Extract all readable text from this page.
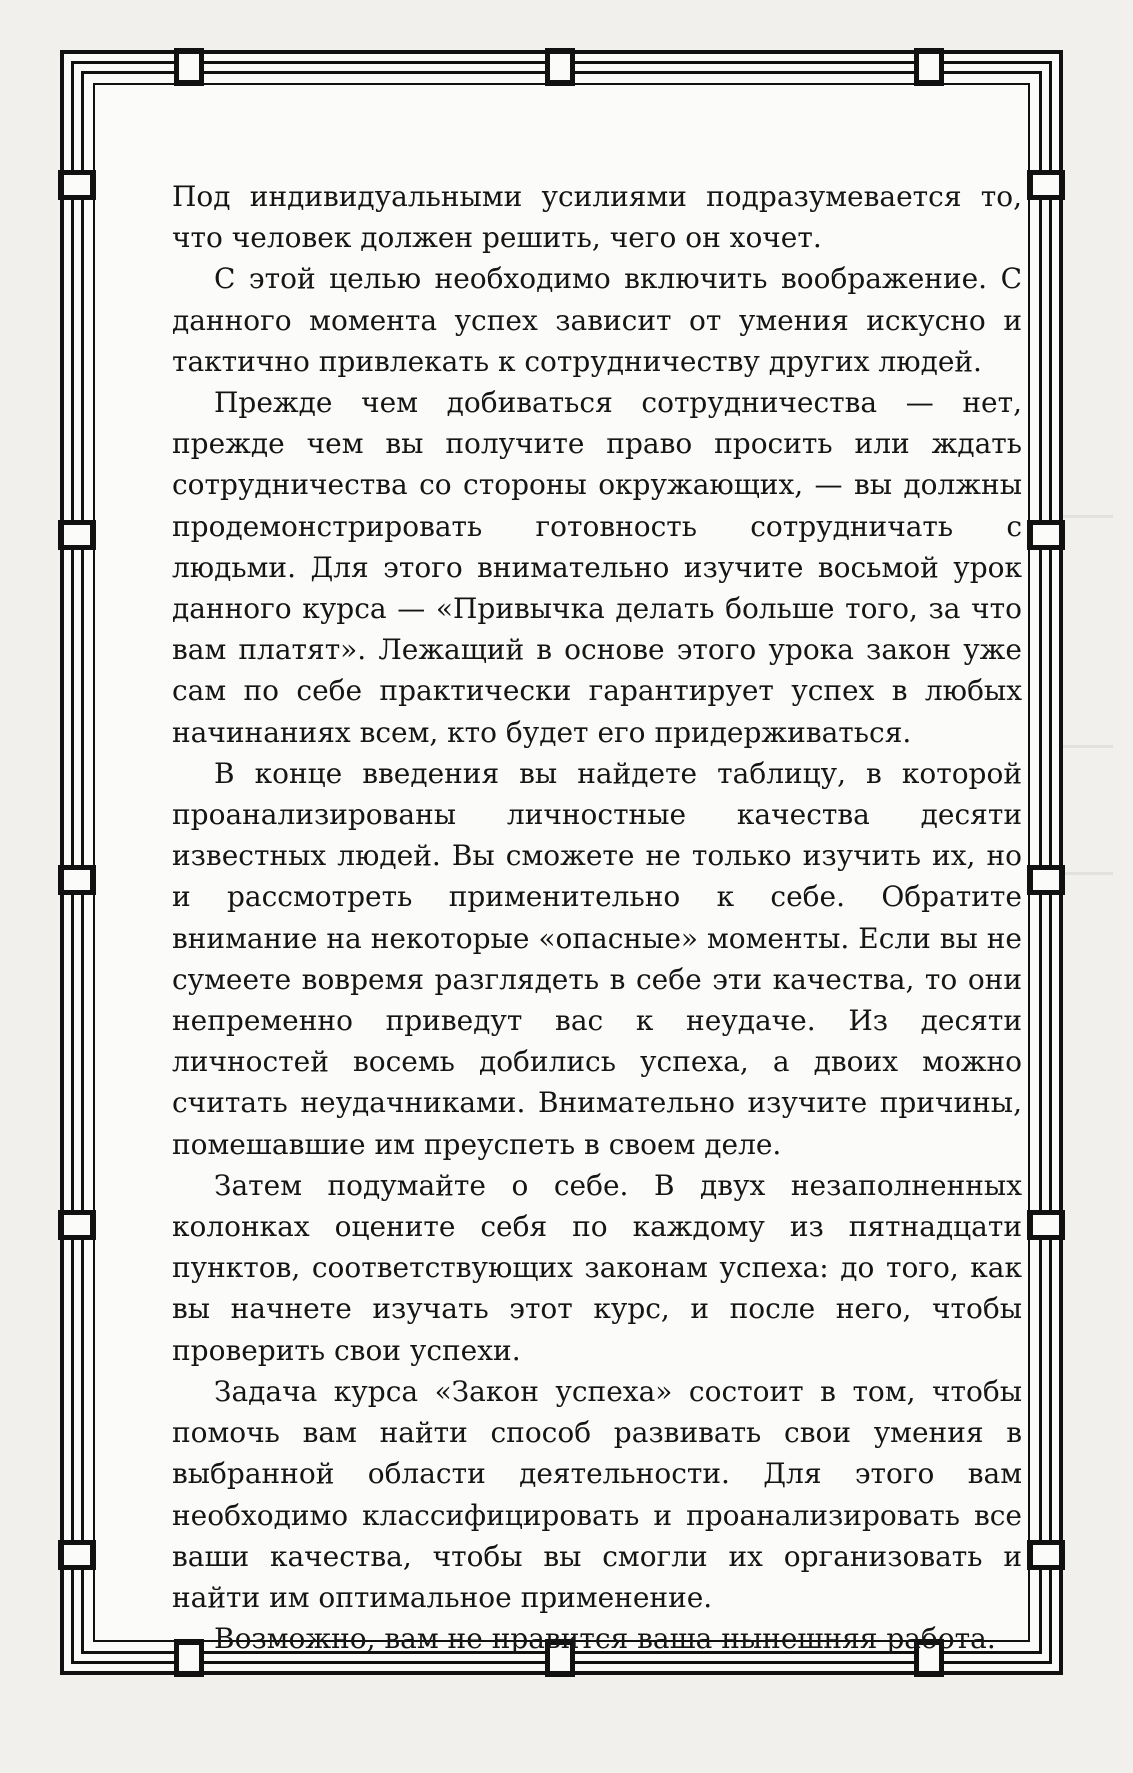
Под индивидуальными усилиями подразумевается то, что человек должен решить, чего он хочет.

С этой целью необходимо включить воображение. С данного момента успех зависит от умения искусно и тактично привлекать к сотрудничеству других людей.

Прежде чем добиваться сотрудничества — нет, прежде чем вы получите право просить или ждать сотрудничества со стороны окружающих, — вы должны продемонстрировать готовность сотрудничать с людьми. Для этого внимательно изучите восьмой урок данного курса — «Привычка делать больше того, за что вам платят». Лежащий в основе этого урока закон уже сам по себе практически гарантирует успех в любых начинаниях всем, кто будет его придерживаться.

В конце введения вы найдете таблицу, в которой проанализированы личностные качества десяти известных людей. Вы сможете не только изучить их, но и рассмотреть применительно к себе. Обратите внимание на некоторые «опасные» моменты. Если вы не сумеете вовремя разглядеть в себе эти качества, то они непременно приведут вас к неудаче. Из десяти личностей восемь добились успеха, а двоих можно считать неудачниками. Внимательно изучите причины, помешавшие им преуспеть в своем деле.

Затем подумайте о себе. В двух незаполненных колонках оцените себя по каждому из пятнадцати пунктов, соответствующих законам успеха: до того, как вы начнете изучать этот курс, и после него, чтобы проверить свои успехи.

Задача курса «Закон успеха» состоит в том, чтобы помочь вам найти способ развивать свои умения в выбранной области деятельности. Для этого вам необходимо классифицировать и проанализировать все ваши качества, чтобы вы смогли их организовать и найти им оптимальное применение.

Возможно, вам не нравится ваша нынешняя работа.
